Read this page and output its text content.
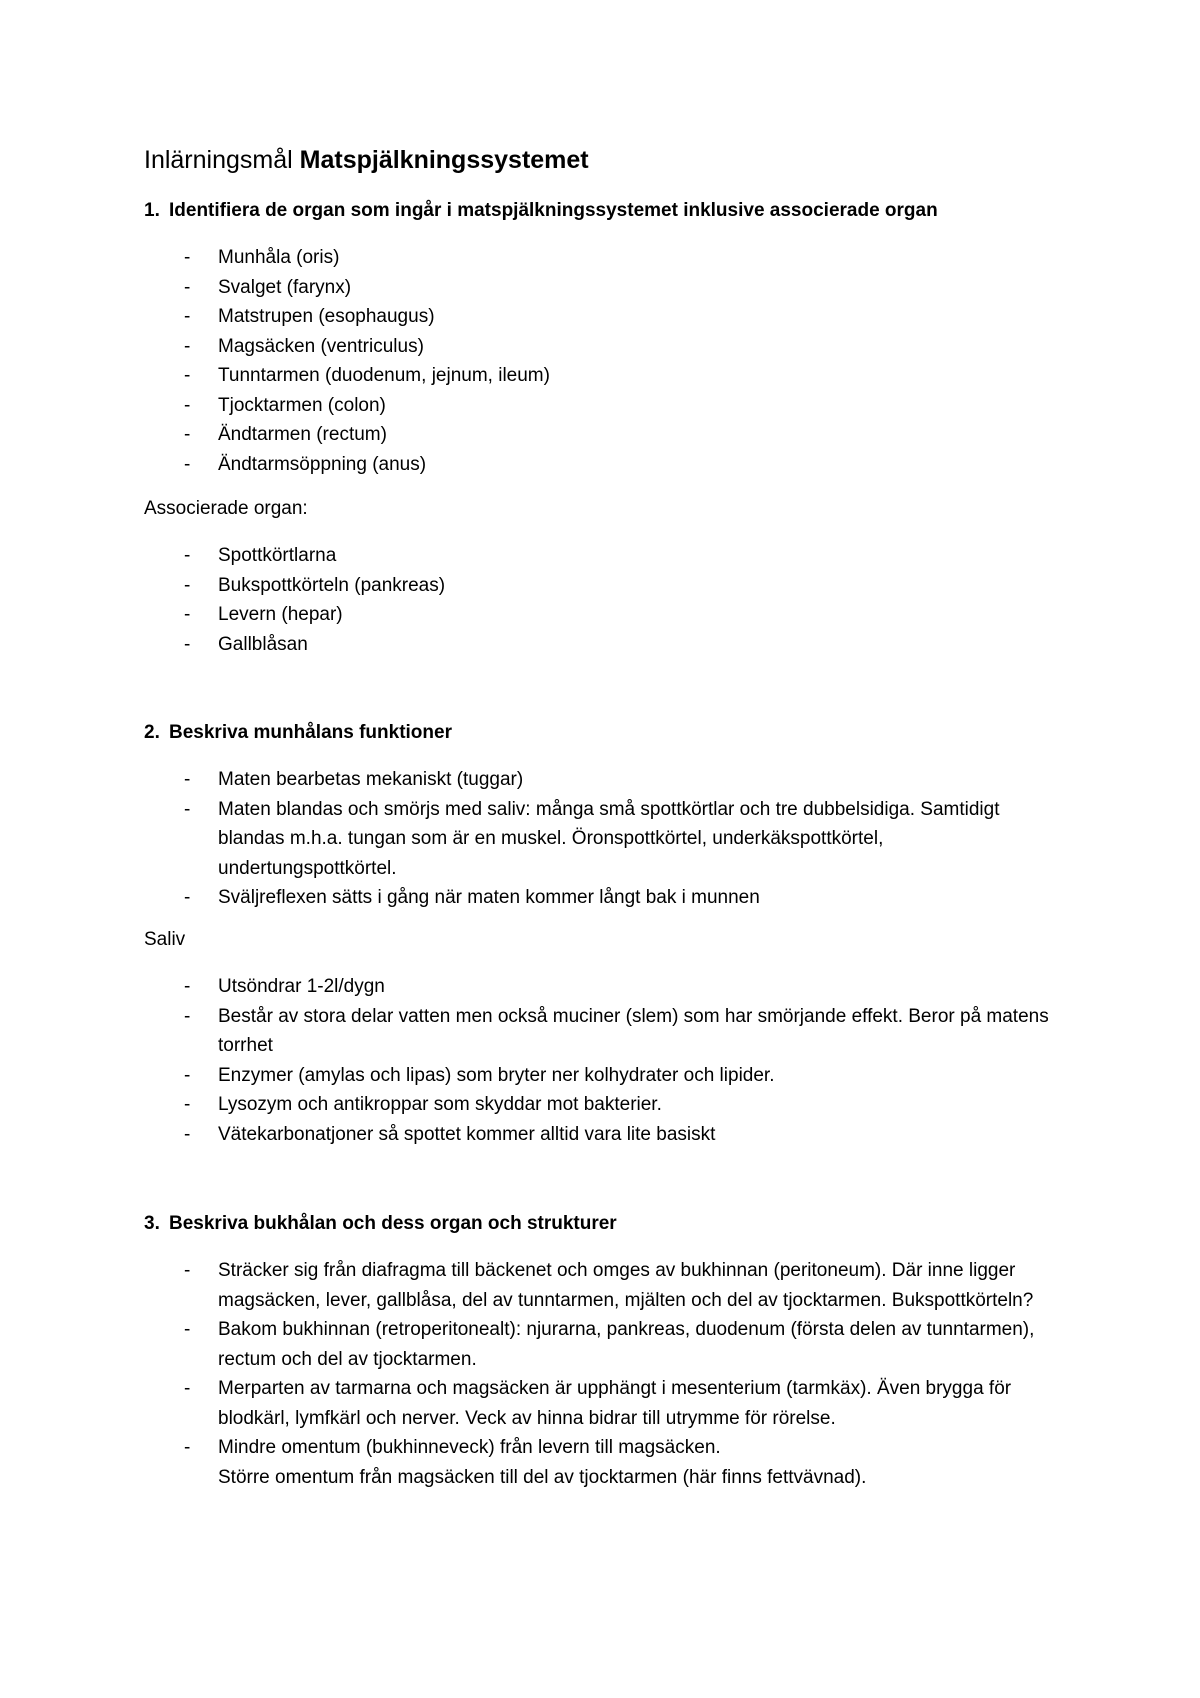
Inlärningsmål Matspjälkningssystemet
1. Identifiera de organ som ingår i matspjälkningssystemet inklusive associerade organ
- Munhåla (oris)
- Svalget (farynx)
- Matstrupen (esophaugus)
- Magsäcken (ventriculus)
- Tunntarmen (duodenum, jejnum, ileum)
- Tjocktarmen (colon)
- Ändtarmen (rectum)
- Ändtarmsöppning (anus)
Associerade organ:
- Spottkörtlarna
- Bukspottkörteln (pankreas)
- Levern (hepar)
- Gallblåsan
2. Beskriva munhålans funktioner
- Maten bearbetas mekaniskt (tuggar)
- Maten blandas och smörjs med saliv: många små spottkörtlar och tre dubbelsidiga. Samtidigt blandas m.h.a. tungan som är en muskel. Öronspottkörtel, underkäkspottkörtel, undertungspottkörtel.
- Sväljreflexen sätts i gång när maten kommer långt bak i munnen
Saliv
- Utsöndrar 1-2l/dygn
- Består av stora delar vatten men också muciner (slem) som har smörjande effekt. Beror på matens torrhet
- Enzymer (amylas och lipas) som bryter ner kolhydrater och lipider.
- Lysozym och antikroppar som skyddar mot bakterier.
- Vätekarbonatjoner så spottet kommer alltid vara lite basiskt
3. Beskriva bukhålan och dess organ och strukturer
- Sträcker sig från diafragma till bäckenet och omges av bukhinnan (peritoneum). Där inne ligger magsäcken, lever, gallblåsa, del av tunntarmen, mjälten och del av tjocktarmen. Bukspottkörteln?
- Bakom bukhinnan (retroperitonealt): njurarna, pankreas, duodenum (första delen av tunntarmen), rectum och del av tjocktarmen.
- Merparten av tarmarna och magsäcken är upphängt i mesenterium (tarmkäx). Även brygga för blodkärl, lymfkärl och nerver. Veck av hinna bidrar till utrymme för rörelse.
- Mindre omentum (bukhinneveck) från levern till magsäcken.
Större omentum från magsäcken till del av tjocktarmen (här finns fettvävnad).
